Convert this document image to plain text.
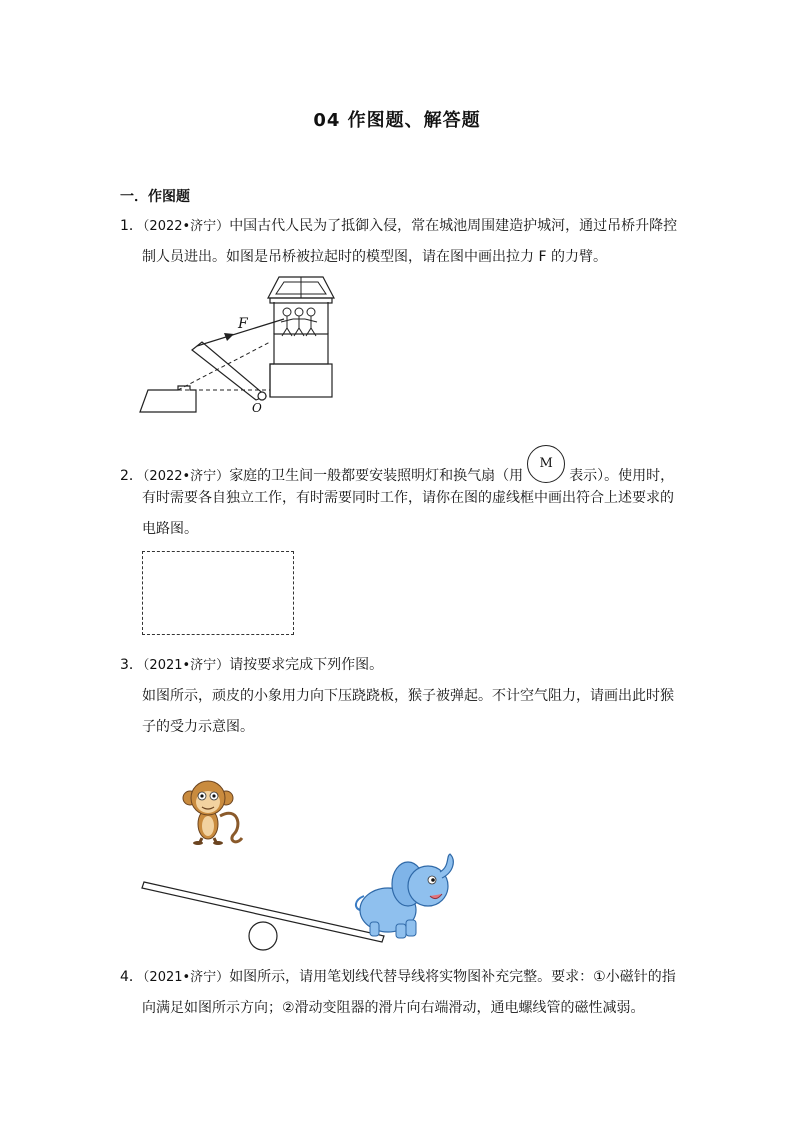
04 作图题、解答题
一．作图题
1．（2022•济宁）中国古代人民为了抵御入侵，常在城池周围建造护城河，通过吊桥升降控
制人员进出。如图是吊桥被拉起时的模型图，请在图中画出拉力 F 的力臂。
F
O
2．（2022•济宁）家庭的卫生间一般都要安装照明灯和换气扇（用M表示）。使用时，
有时需要各自独立工作，有时需要同时工作，请你在图的虚线框中画出符合上述要求的
电路图。
3．（2021•济宁）请按要求完成下列作图。
如图所示，顽皮的小象用力向下压跷跷板，猴子被弹起。不计空气阻力，请画出此时猴
子的受力示意图。
4．（2021•济宁）如图所示，请用笔划线代替导线将实物图补充完整。要求：①小磁针的指
向满足如图所示方向；②滑动变阻器的滑片向右端滑动，通电螺线管的磁性减弱。
